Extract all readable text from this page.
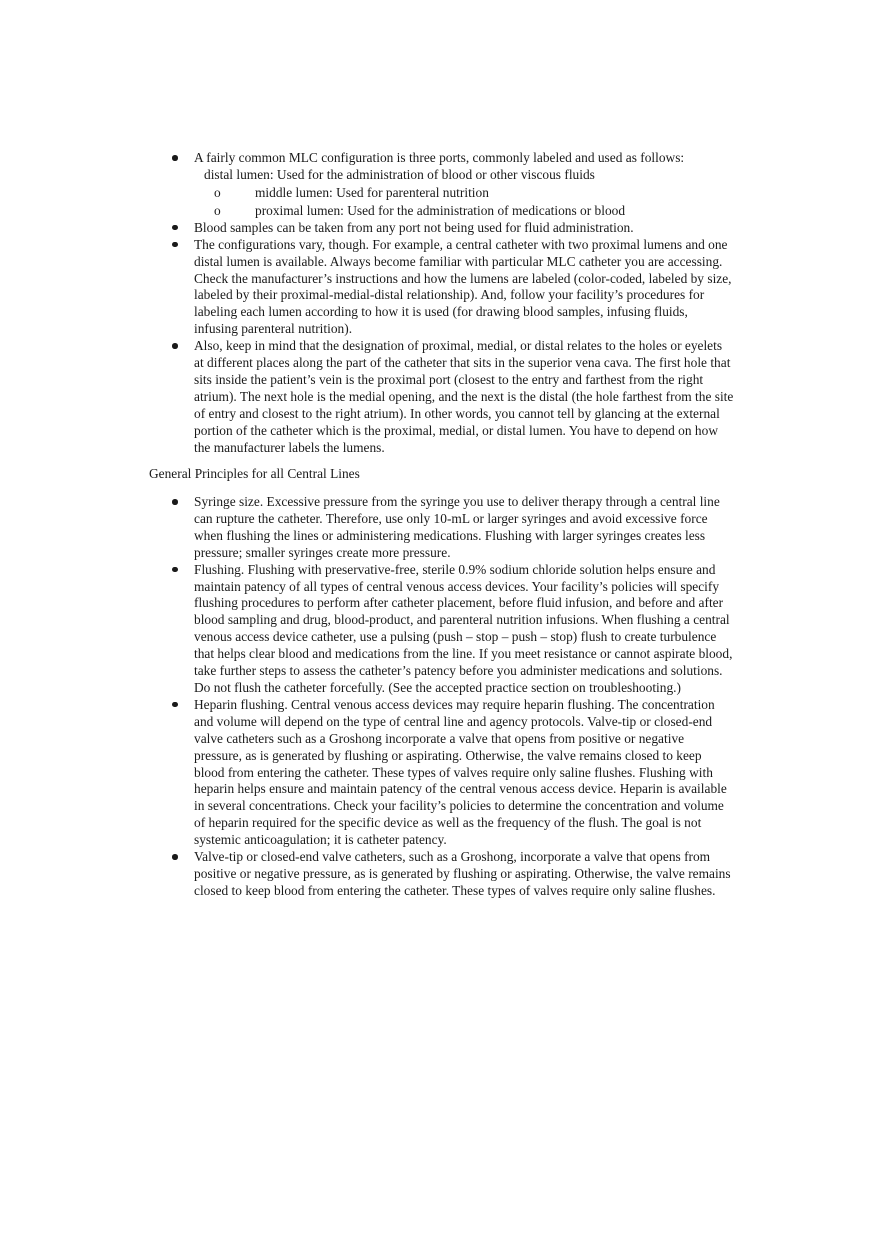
A fairly common MLC configuration is three ports, commonly labeled and used as follows:
distal lumen: Used for the administration of blood or other viscous fluids
o	middle lumen: Used for parenteral nutrition
o	proximal lumen: Used for the administration of medications or blood
Blood samples can be taken from any port not being used for fluid administration.
The configurations vary, though. For example, a central catheter with two proximal lumens and one distal lumen is available. Always become familiar with particular MLC catheter you are accessing. Check the manufacturer’s instructions and how the lumens are labeled (color-coded, labeled by size, labeled by their proximal-medial-distal relationship). And, follow your facility’s procedures for labeling each lumen according to how it is used (for drawing blood samples, infusing fluids, infusing parenteral nutrition).
Also, keep in mind that the designation of proximal, medial, or distal relates to the holes or eyelets at different places along the part of the catheter that sits in the superior vena cava. The first hole that sits inside the patient’s vein is the proximal port (closest to the entry and farthest from the right atrium). The next hole is the medial opening, and the next is the distal (the hole farthest from the site of entry and closest to the right atrium). In other words, you cannot tell by glancing at the external portion of the catheter which is the proximal, medial, or distal lumen. You have to depend on how the manufacturer labels the lumens.
General Principles for all Central Lines
Syringe size. Excessive pressure from the syringe you use to deliver therapy through a central line can rupture the catheter. Therefore, use only 10-mL or larger syringes and avoid excessive force when flushing the lines or administering medications. Flushing with larger syringes creates less pressure; smaller syringes create more pressure.
Flushing. Flushing with preservative-free, sterile 0.9% sodium chloride solution helps ensure and maintain patency of all types of central venous access devices. Your facility’s policies will specify flushing procedures to perform after catheter placement, before fluid infusion, and before and after blood sampling and drug, blood-product, and parenteral nutrition infusions. When flushing a central venous access device catheter, use a pulsing (push – stop – push – stop) flush to create turbulence that helps clear blood and medications from the line. If you meet resistance or cannot aspirate blood, take further steps to assess the catheter’s patency before you administer medications and solutions. Do not flush the catheter forcefully. (See the accepted practice section on troubleshooting.)
Heparin flushing. Central venous access devices may require heparin flushing. The concentration and volume will depend on the type of central line and agency protocols. Valve-tip or closed-end valve catheters such as a Groshong incorporate a valve that opens from positive or negative pressure, as is generated by flushing or aspirating. Otherwise, the valve remains closed to keep blood from entering the catheter. These types of valves require only saline flushes. Flushing with heparin helps ensure and maintain patency of the central venous access device. Heparin is available in several concentrations. Check your facility’s policies to determine the concentration and volume of heparin required for the specific device as well as the frequency of the flush. The goal is not systemic anticoagulation; it is catheter patency.
Valve-tip or closed-end valve catheters, such as a Groshong, incorporate a valve that opens from positive or negative pressure, as is generated by flushing or aspirating. Otherwise, the valve remains closed to keep blood from entering the catheter. These types of valves require only saline flushes.
